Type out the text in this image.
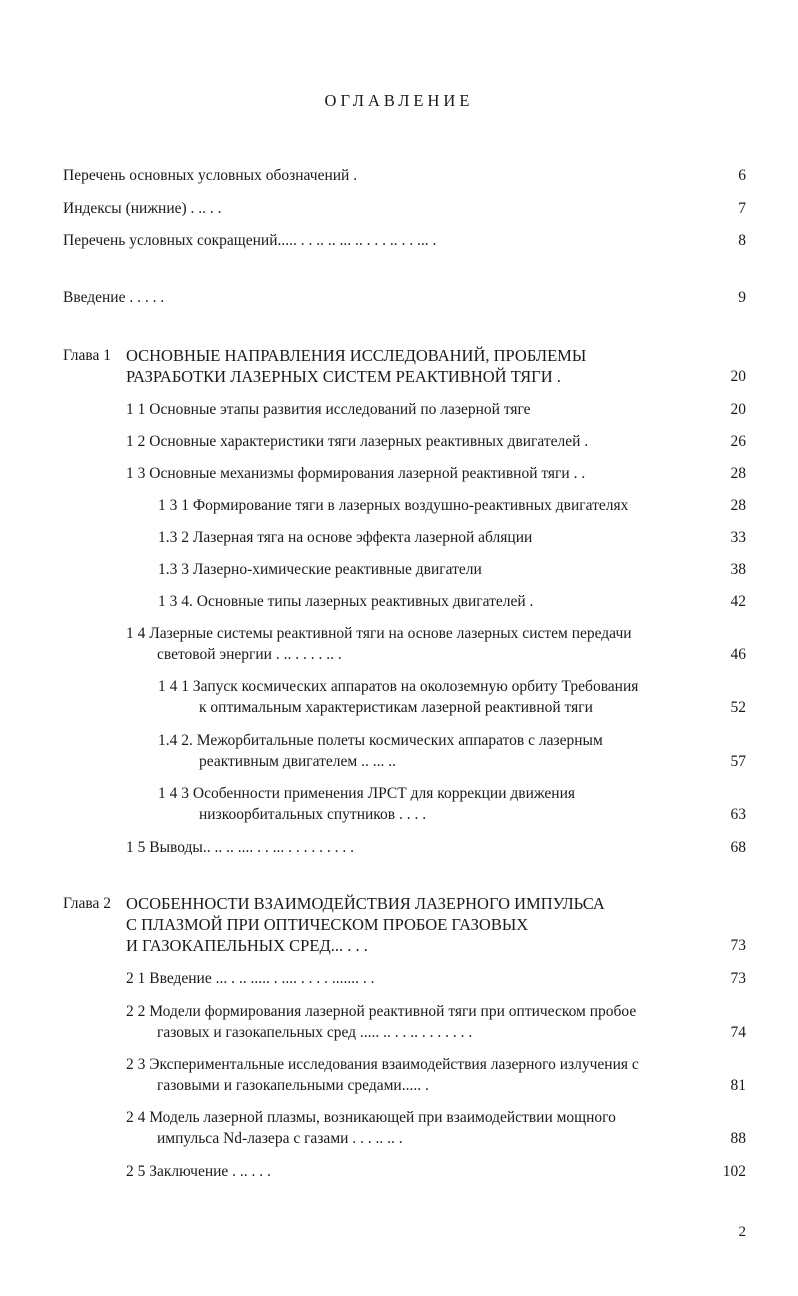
ОГЛАВЛЕНИЕ
Перечень основных условных обозначений .	6
Индексы (нижние) . .. . .	7
Перечень условных сокращений..... . . .. .. ... .. . . . .. . . ... .	8
Введение . . . . .	9
Глава 1 ОСНОВНЫЕ НАПРАВЛЕНИЯ ИССЛЕДОВАНИЙ, ПРОБЛЕМЫ
РАЗРАБОТКИ ЛАЗЕРНЫХ СИСТЕМ РЕАКТИВНОЙ ТЯГИ .	20
1 1 Основные этапы развития исследований по лазерной тяге	20
1 2 Основные характеристики тяги лазерных реактивных двигателей .	26
1 3 Основные механизмы формирования лазерной реактивной тяги . .	28
1 3 1 Формирование тяги в лазерных воздушно-реактивных двигателях	28
1.3 2 Лазерная тяга на основе эффекта лазерной абляции	33
1.3 3 Лазерно-химические реактивные двигатели	38
1 3 4. Основные типы лазерных реактивных двигателей .	42
1 4 Лазерные системы реактивной тяги на основе лазерных систем передачи
световой энергии . .. . . . . .. .	46
1 4 1 Запуск космических аппаратов на околоземную орбиту Требования
к оптимальным характеристикам лазерной реактивной тяги	52
1.4 2. Межорбитальные полеты космических аппаратов с лазерным
реактивным двигателем .. ... ..	57
1 4 3 Особенности применения ЛРСТ для коррекции движения
низкоорбитальных спутников . . . .	63
1 5 Выводы.. .. .. .... . . ... . . . . . . . . .	68
Глава 2 ОСОБЕННОСТИ ВЗАИМОДЕЙСТВИЯ ЛАЗЕРНОГО ИМПУЛЬСА
С ПЛАЗМОЙ ПРИ ОПТИЧЕСКОМ ПРОБОЕ ГАЗОВЫХ
И ГАЗОКАПЕЛЬНЫХ СРЕД... . . .	73
2 1 Введение ... . .. ..... . .... . . . . ....... . .	73
2 2 Модели формирования лазерной реактивной тяги при оптическом пробое
газовых и газокапельных сред ..... .. . . .. . . . . . . .	74
2 3 Экспериментальные исследования взаимодействия лазерного излучения с
газовыми и газокапельными средами..... .	81
2 4 Модель лазерной плазмы, возникающей при взаимодействии мощного
импульса Nd-лазера с газами . . . .. .. .	88
2 5 Заключение . .. . . .	102
2
